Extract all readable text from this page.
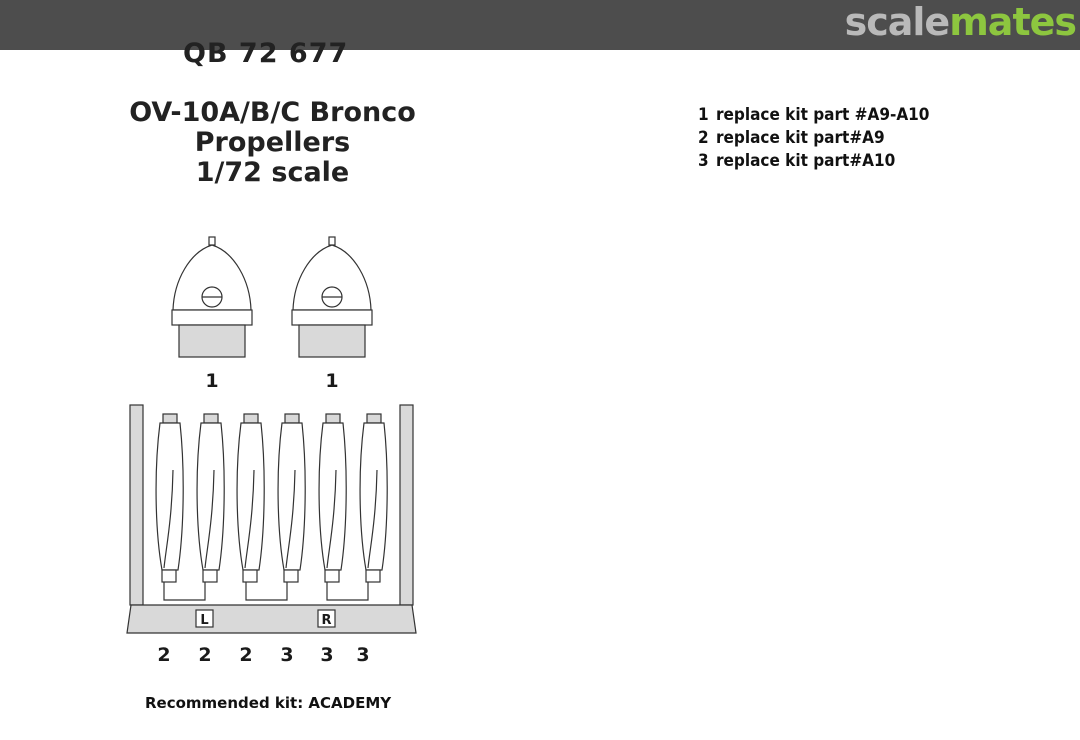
scalemates
QB 72 677
OV-10A/B/C Bronco
Propellers
1/72 scale
1 replace kit part #A9-A10
2 replace kit part#A9
3 replace kit part#A10
1	1
L	R
2 2 2 3 3 3
Recommended kit: ACADEMY
